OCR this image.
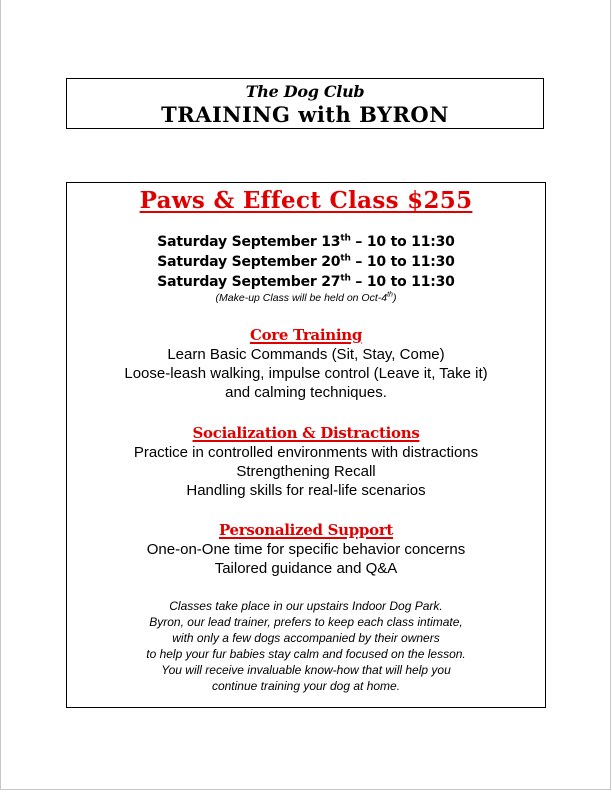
The Dog Club
TRAINING with BYRON
Paws & Effect Class $255
Saturday September 13th – 10 to 11:30
Saturday September 20th – 10 to 11:30
Saturday September 27th – 10 to 11:30
(Make-up Class will be held on Oct-4th)
Core Training
Learn Basic Commands (Sit, Stay, Come)
Loose-leash walking, impulse control (Leave it, Take it)
and calming techniques.
Socialization & Distractions
Practice in controlled environments with distractions
Strengthening Recall
Handling skills for real-life scenarios
Personalized Support
One-on-One time for specific behavior concerns
Tailored guidance and Q&A
Classes take place in our upstairs Indoor Dog Park.
Byron, our lead trainer, prefers to keep each class intimate,
with only a few dogs accompanied by their owners
to help your fur babies stay calm and focused on the lesson.
You will receive invaluable know-how that will help you
continue training your dog at home.
